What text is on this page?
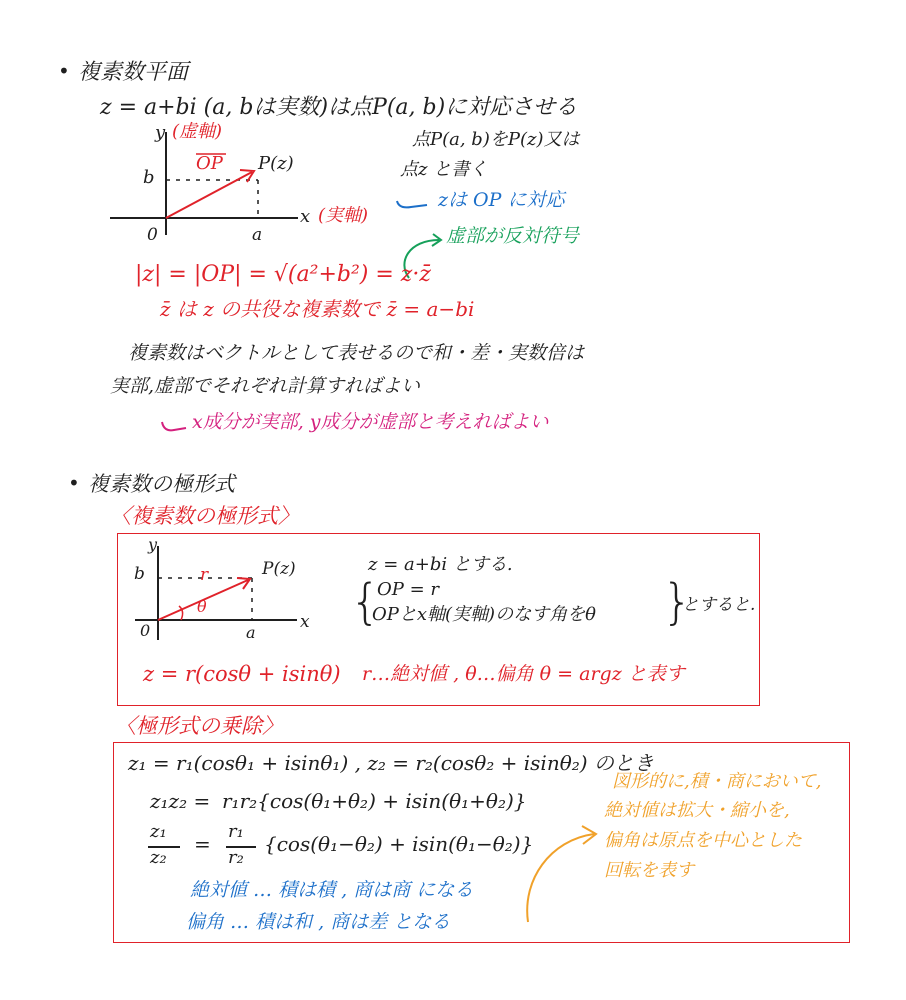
• 複素数平面
z = a+bi (a, bは実数)は点P(a, b)に対応させる
点P(a, b)をP(z)又は
点z と書く
zは OP に対応
虚部が反対符号
y (虚軸)
b
OP P(z)
x (実軸)
0	a
|z| = |OP| = √(a²+b²) = z·z̄
z̄ は z の共役な複素数で z̄ = a−bi
複素数はベクトルとして表せるので和・差・実数倍は
実部,虚部でそれぞれ計算すればよい
x成分が実部, y成分が虚部と考えればよい
• 複素数の極形式
〈複素数の極形式〉
y
b	r	P(z)
θ
0	a
x
z = a+bi とする.
{
OP = r
OPとx軸(実軸)のなす角をθ }
とすると.
z = r(cosθ + isinθ) r…絶対値 , θ…偏角 θ = argz と表す
〈極形式の乗除〉
z₁ = r₁(cosθ₁ + isinθ₁) , z₂ = r₂(cosθ₂ + isinθ₂) のとき
z₁z₂ = r₁r₂{cos(θ₁+θ₂) + isin(θ₁+θ₂)}
z₁
z₂
=
r₁
r₂
{cos(θ₁−θ₂) + isin(θ₁−θ₂)}
絶対値 … 積は積 , 商は商 になる
偏角 … 積は和 , 商は差 となる
図形的に,積・商において,
絶対値は拡大・縮小を,
偏角は原点を中心とした
回転を表す
